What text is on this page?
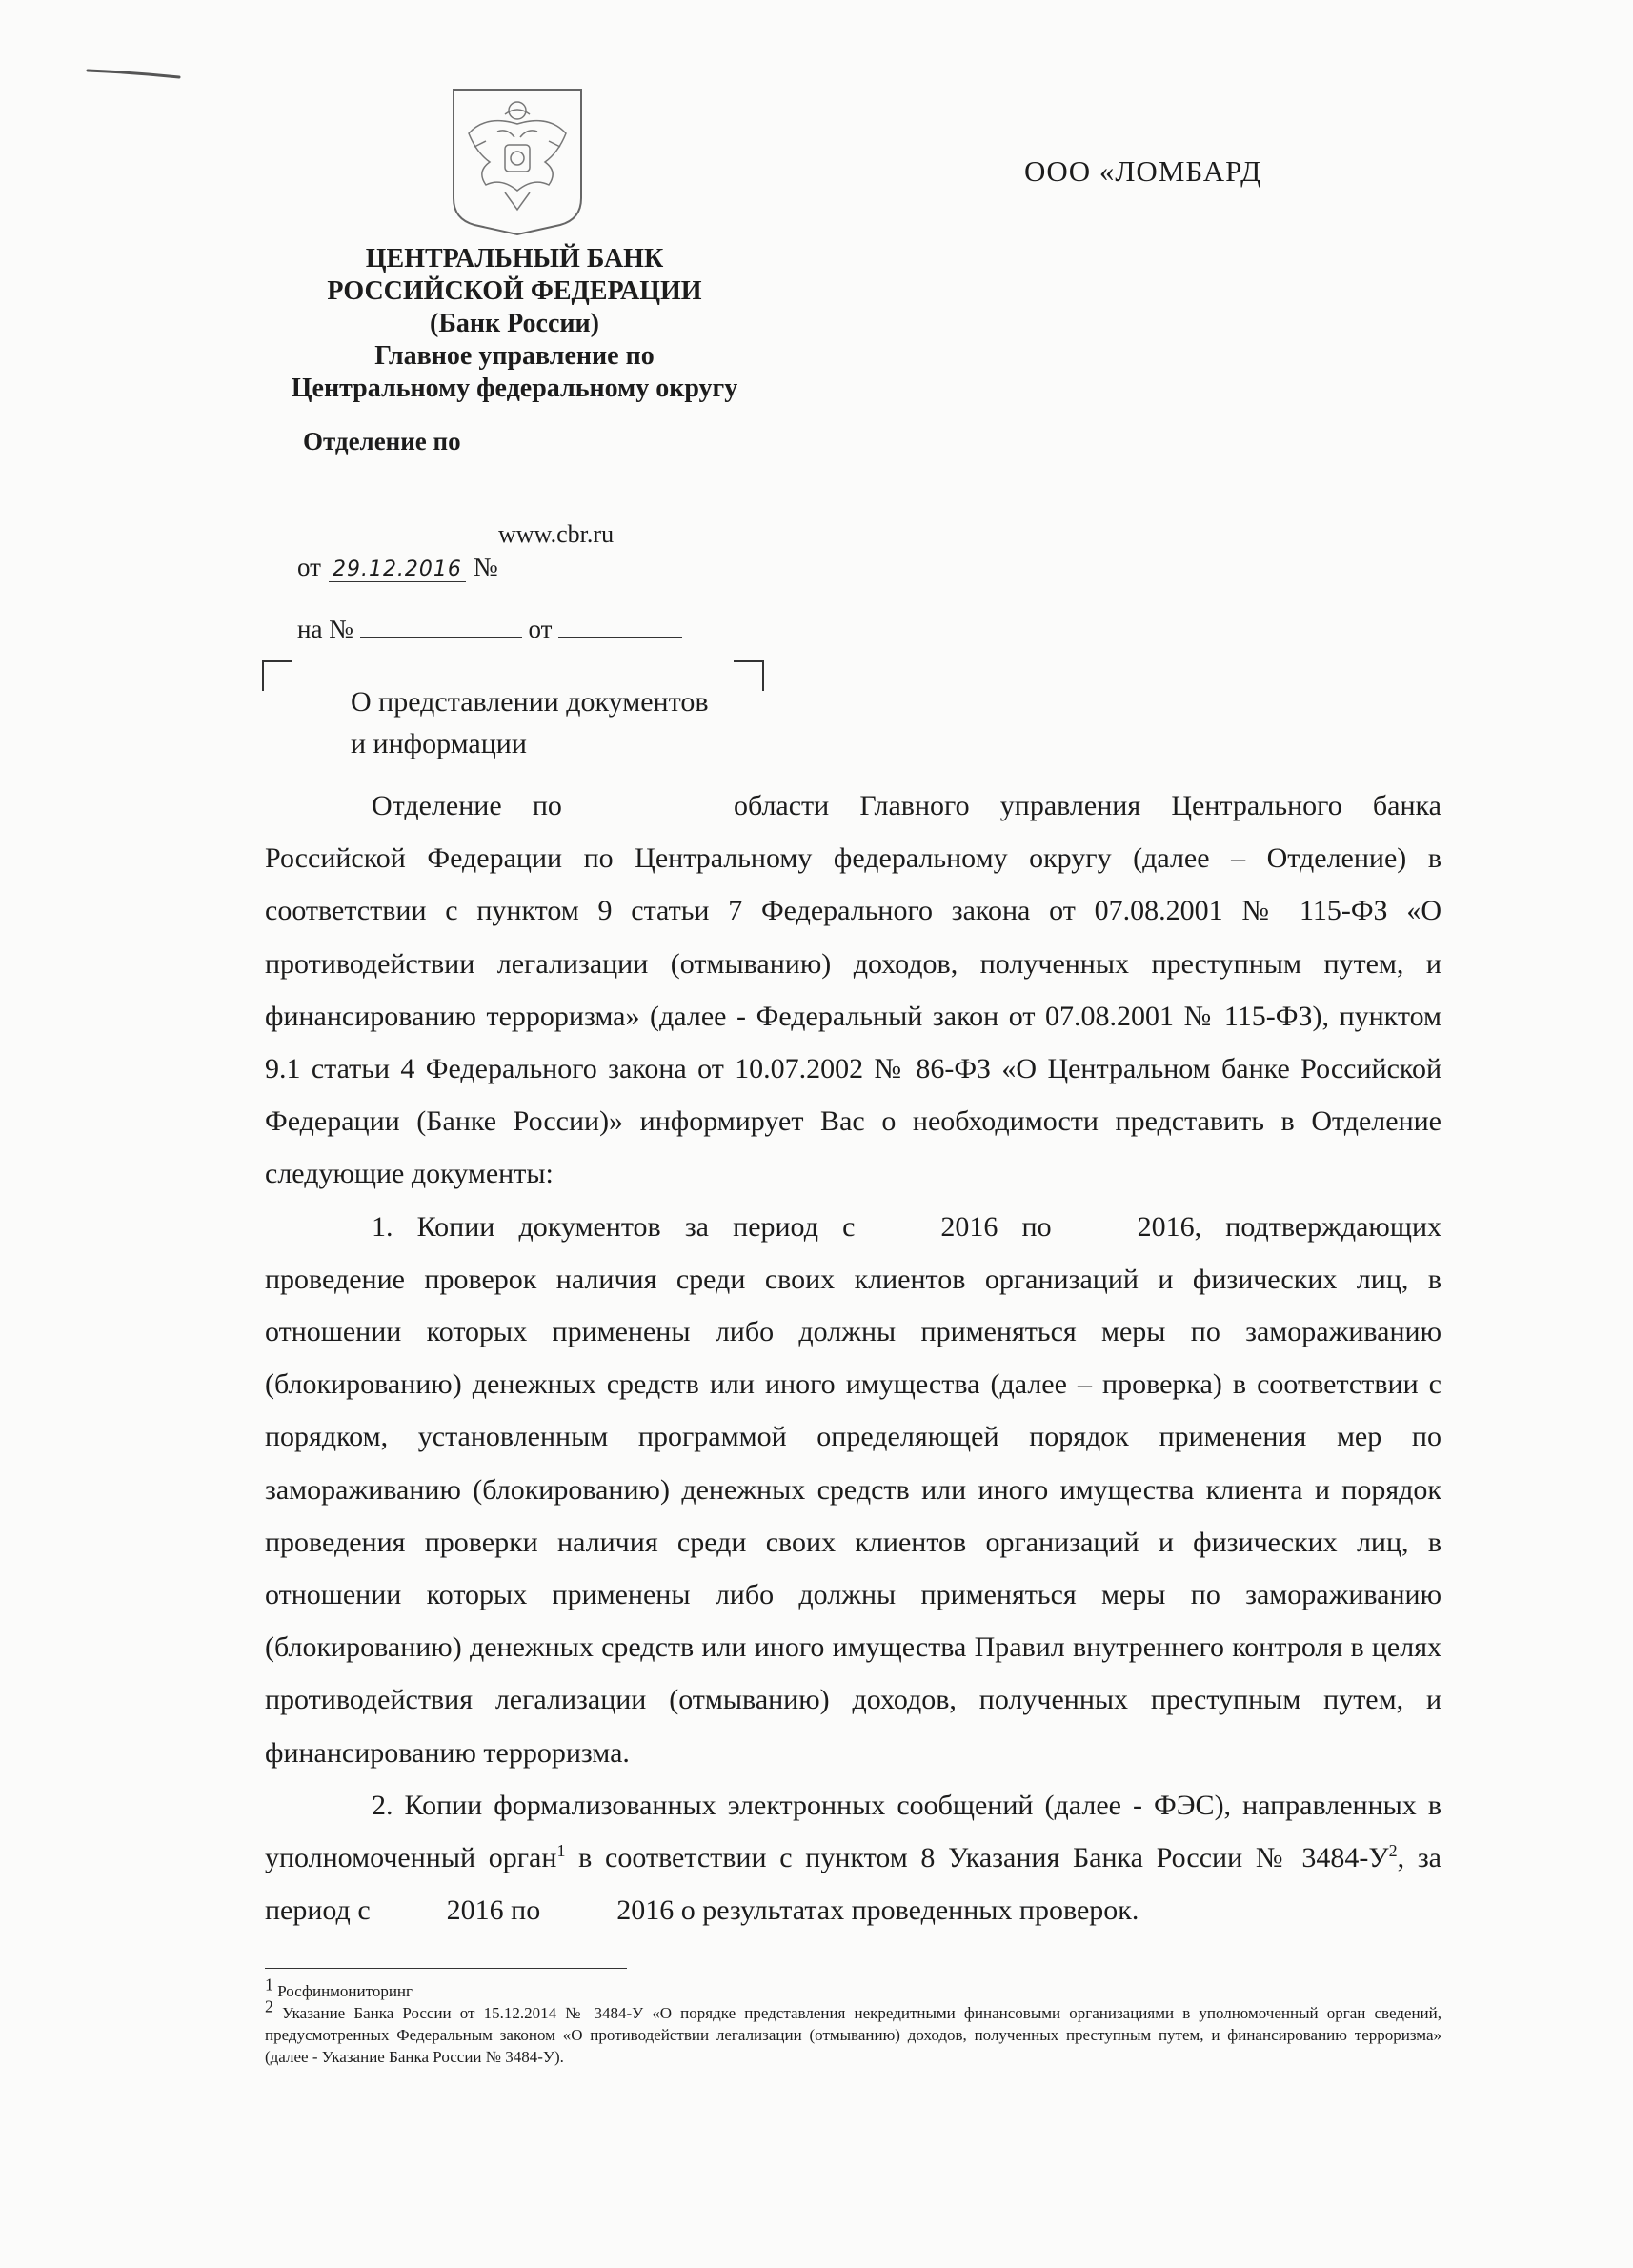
ЦЕНТРАЛЬНЫЙ БАНК
РОССИЙСКОЙ ФЕДЕРАЦИИ
(Банк России)
Главное управление по
Центральному федеральному округу
Отделение по
ООО «ЛОМБАРД
www.cbr.ru
от 29.12.2016 №
на №	от
О представлении документов
и информации

Отделение по	области Главного управления Центрального банка Российской Федерации по Центральному федеральному округу (далее – Отделение) в соответствии с пунктом 9 статьи 7 Федерального закона от 07.08.2001 № 115-ФЗ «О противодействии легализации (отмыванию) доходов, полученных преступным путем, и финансированию терроризма» (далее - Федеральный закон от 07.08.2001 № 115-ФЗ), пунктом 9.1 статьи 4 Федерального закона от 10.07.2002 № 86-ФЗ «О Центральном банке Российской Федерации (Банке России)» информирует Вас о необходимости представить в Отделение следующие документы:

1. Копии документов за период с	2016 по	2016, подтверждающих проведение проверок наличия среди своих клиентов организаций и физических лиц, в отношении которых применены либо должны применяться меры по замораживанию (блокированию) денежных средств или иного имущества (далее – проверка) в соответствии с порядком, установленным программой определяющей порядок применения мер по замораживанию (блокированию) денежных средств или иного имущества клиента и порядок проведения проверки наличия среди своих клиентов организаций и физических лиц, в отношении которых применены либо должны применяться меры по замораживанию (блокированию) денежных средств или иного имущества Правил внутреннего контроля в целях противодействия легализации (отмыванию) доходов, полученных преступным путем, и финансированию терроризма.

2. Копии формализованных электронных сообщений (далее - ФЭС), направленных в уполномоченный орган$^1$ в соответствии с пунктом 8 Указания Банка России № $3484-У^2$, за период с	2016 по	2016 о результатах проведенных проверок.

$^1$ Росфинмониторинг

$^2$ Указание Банка России от 15.12.2014 № 3484-У «О порядке представления некредитными финансовыми организациями в уполномоченный орган сведений, предусмотренных Федеральным законом «О противодействии легализации (отмыванию) доходов, полученных преступным путем, и финансированию терроризма» (далее - Указание Банка России № 3484-У).
